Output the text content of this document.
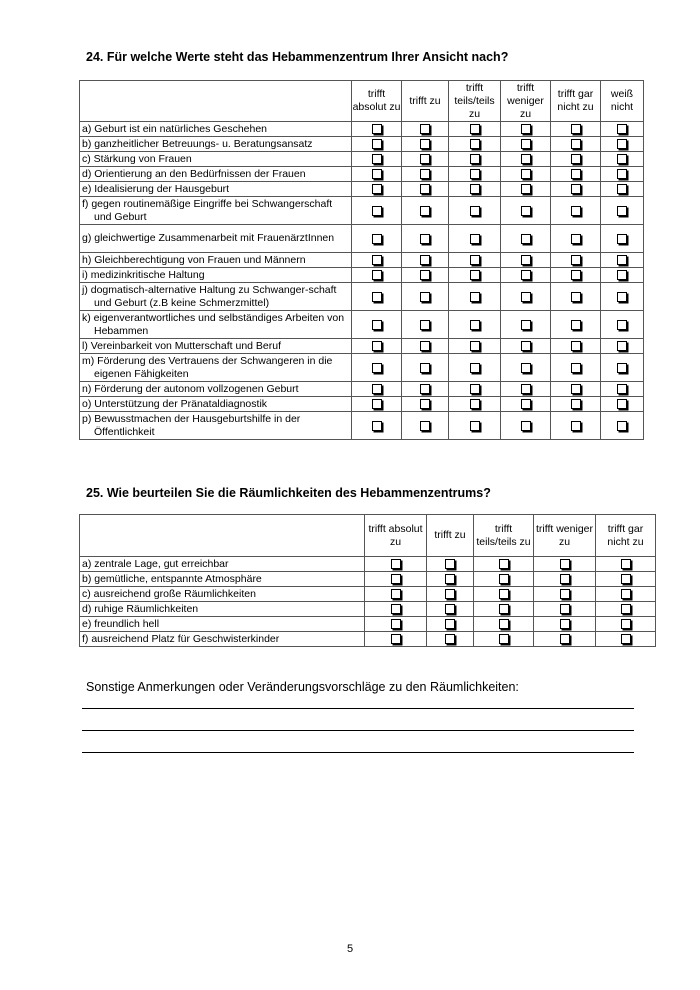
24. Für welche Werte steht das Hebammenzentrum Ihrer Ansicht nach?
	trifft absolut zu	trifft zu	trifft teils/teils zu	trifft weniger zu	trifft gar nicht zu	weiß nicht

a) Geburt ist ein natürliches Geschehen						

b) ganzheitlicher Betreuungs- u. Beratungsansatz						

c) Stärkung von Frauen						

d) Orientierung an den Bedürfnissen der Frauen						

e) Idealisierung der Hausgeburt						

f) gegen routinemäßige Eingriffe bei Schwangerschaft und Geburt						

g) gleichwertige Zusammenarbeit mit FrauenärztInnen						

h) Gleichberechtigung von Frauen und Männern						

i) medizinkritische Haltung						

j) dogmatisch-alternative Haltung zu Schwanger-schaft und Geburt (z.B keine Schmerzmittel)						

k) eigenverantwortliches und selbständiges Arbeiten von Hebammen						

l) Vereinbarkeit von Mutterschaft und Beruf						

m) Förderung des Vertrauens der Schwangeren in die eigenen Fähigkeiten						

n) Förderung der autonom vollzogenen Geburt						

o) Unterstützung der Pränataldiagnostik						

p) Bewusstmachen der Hausgeburtshilfe in der Öffentlichkeit						

25. Wie beurteilen Sie die Räumlichkeiten des Hebammenzentrums?
	trifft absolut zu	trifft zu	trifft teils/teils zu	trifft weniger zu	trifft gar nicht zu

a) zentrale Lage, gut erreichbar					

b) gemütliche, entspannte Atmosphäre					

c) ausreichend große Räumlichkeiten					

d) ruhige Räumlichkeiten					

e) freundlich hell					

f) ausreichend Platz für Geschwisterkinder					

Sonstige Anmerkungen oder Veränderungsvorschläge zu den Räumlichkeiten:
5
